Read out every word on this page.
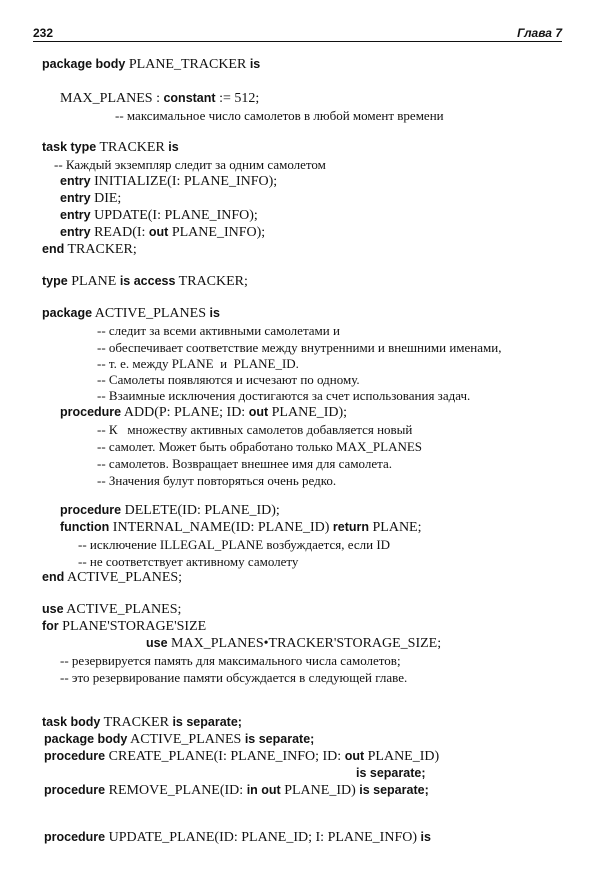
232	Глава 7
package body PLANE_TRACKER is
MAX_PLANES : constant := 512;
-- максимальное число самолетов в любой момент времени
task type TRACKER is
-- Каждый экземпляр следит за одним самолетом
entry INITIALIZE(I: PLANE_INFO);
entry DIE;
entry UPDATE(I: PLANE_INFO);
entry READ(I: out PLANE_INFO);
end TRACKER;
type PLANE is access TRACKER;
package ACTIVE_PLANES is
-- следит за всеми активными самолетами и
-- обеспечивает соответствие между внутренними и внешними именами,
-- т. е. между PLANE  и  PLANE_ID.
-- Самолеты появляются и исчезают по одному.
-- Взаимные исключения достигаются за счет использования задач.
procedure ADD(P: PLANE; ID: out PLANE_ID);
-- К   множеству активных самолетов добавляется новый
-- самолет. Может быть обработано только MAX_PLANES
-- самолетов. Возвращает внешнее имя для самолета.
-- Значения булут повторяться очень редко.
procedure DELETE(ID: PLANE_ID);
function INTERNAL_NAME(ID: PLANE_ID) return PLANE;
-- исключение ILLEGAL_PLANE возбуждается, если ID
-- не соответствует активному самолету
end ACTIVE_PLANES;
use ACTIVE_PLANES;
for PLANE'STORAGE'SIZE
use MAX_PLANES•TRACKER'STORAGE_SIZE;
-- резервируется память для максимального числа самолетов;
-- это резервирование памяти обсуждается в следующей главе.
task body TRACKER is separate;
package body ACTIVE_PLANES is separate;
procedure CREATE_PLANE(I: PLANE_INFO; ID: out PLANE_ID)
is separate;
procedure REMOVE_PLANE(ID: in out PLANE_ID) is separate;
procedure UPDATE_PLANE(ID: PLANE_ID; I: PLANE_INFO) is
